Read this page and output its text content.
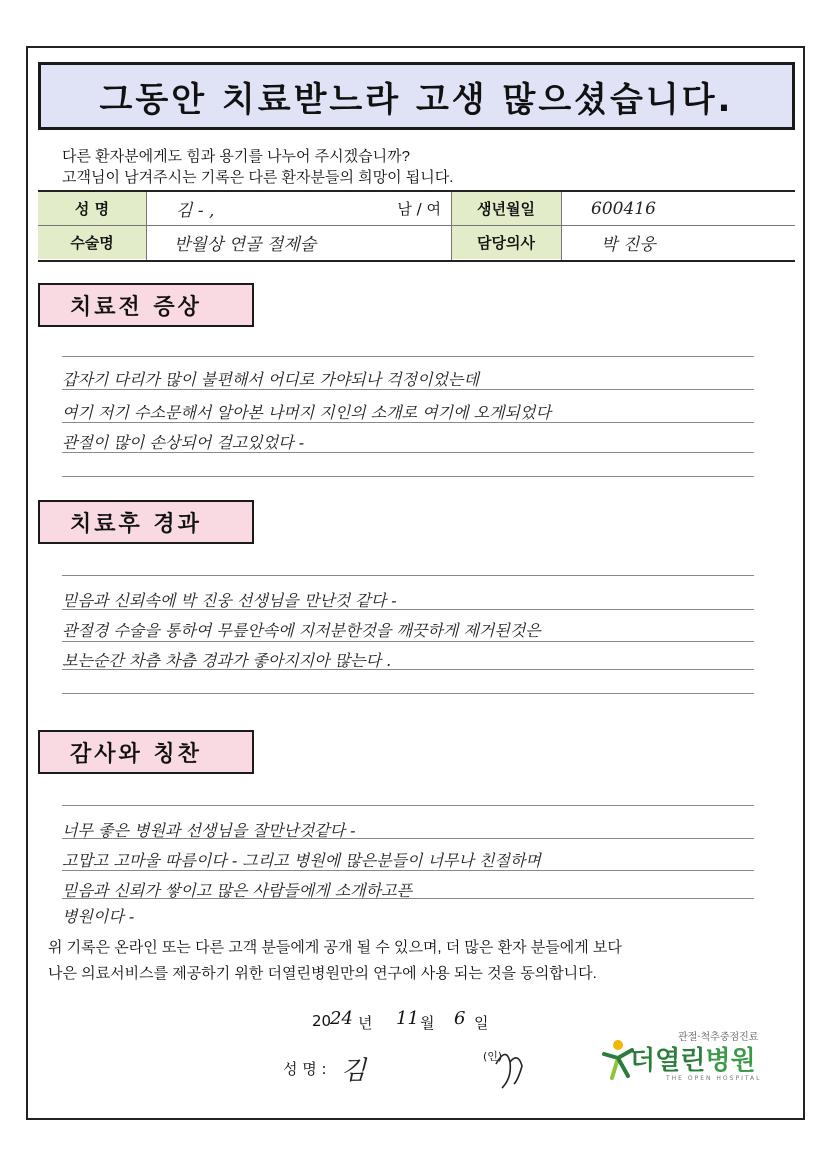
그동안 치료받느라 고생 많으셨습니다.
다른 환자분에게도 힘과 용기를 나누어 주시겠습니까?
고객님이 남겨주시는 기록은 다른 환자분들의 희망이 됩니다.
성 명	김 - ,	남 / 여	생년월일	600416
수술명	반월상 연골 절제술	담당의사	박 진웅
치료전 증상
갑자기 다리가 많이 불편해서 어디로 가야되나 걱정이었는데
여기 저기 수소문해서 알아본 나머지 지인의 소개로 여기에 오게되었다
관절이 많이 손상되어 걸고있었다 -
치료후 경과
믿음과 신뢰속에 박 진웅 선생님을 만난것 같다 -
관절경 수술을 통하여 무릎안속에 지저분한것을 깨끗하게 제거된것은
보는순간 차츰 차츰 경과가 좋아지지아 많는다 .
감사와 칭찬
너무 좋은 병원과 선생님을 잘만난것같다 -
고맙고 고마울 따름이다 - 그리고 병원에 많은분들이 너무나 친절하며
믿음과 신뢰가 쌓이고 많은 사람들에게 소개하고픈
병원이다 -
위 기록은 온라인 또는 다른 고객 분들에게 공개 될 수 있으며, 더 많은 환자 분들에게 보다
나은 의료서비스를 제공하기 위한 더열린병원만의 연구에 사용 되는 것을 동의합니다.
20
24 년 11 월 6 일
성 명 : 김	(인)
관절·척추중점진료
더열린병원
THE OPEN HOSPITAL
